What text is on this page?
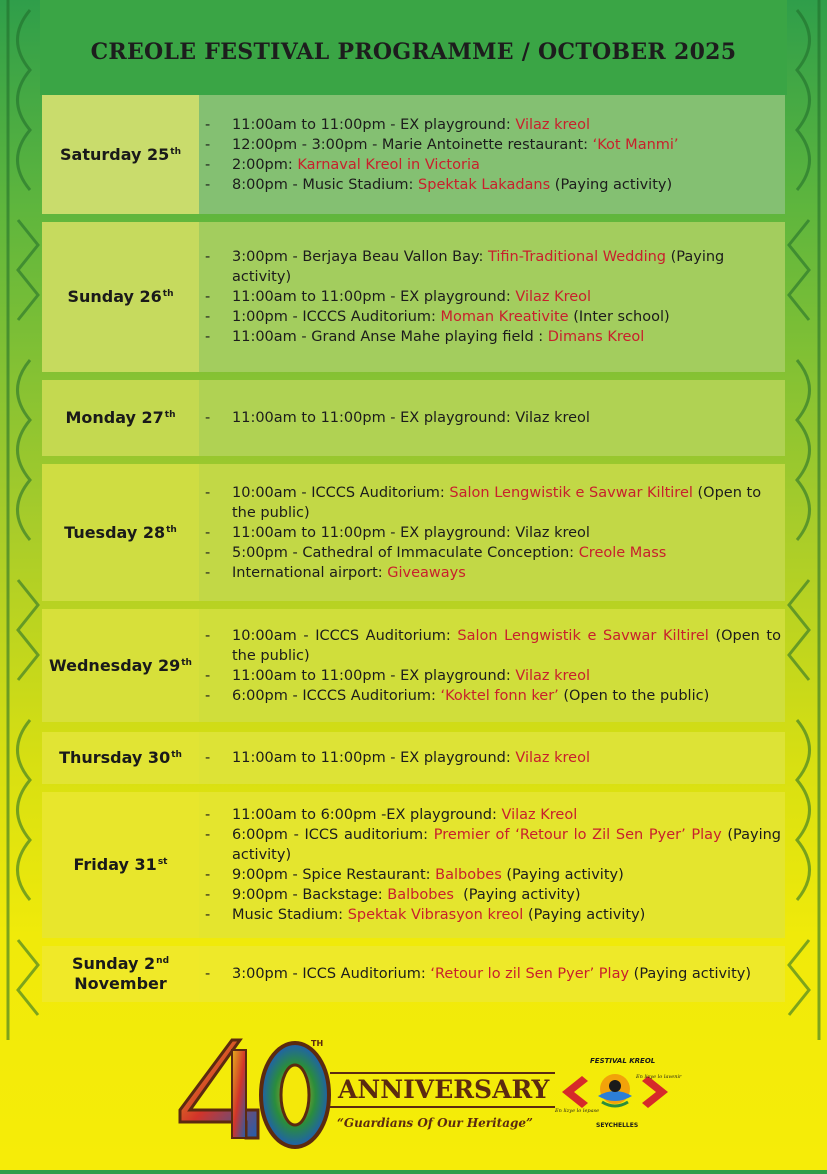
CREOLE FESTIVAL PROGRAMME / OCTOBER 2025
Saturday 25th
-	11:00am to 11:00pm - EX playground: Vilaz kreol
-	12:00pm - 3:00pm - Marie Antoinette restaurant: ‘Kot Manmi’
-	2:00pm: Karnaval Kreol in Victoria
-	8:00pm - Music Stadium: Spektak Lakadans (Paying activity)
Sunday 26th
-	3:00pm - Berjaya Beau Vallon Bay: Tifin-Traditional Wedding (Paying activity)
-	11:00am to 11:00pm - EX playground: Vilaz Kreol
-	1:00pm - ICCCS Auditorium: Moman Kreativite (Inter school)
-	11:00am - Grand Anse Mahe playing field : Dimans Kreol
Monday 27th -	11:00am to 11:00pm - EX playground: Vilaz kreol
Tuesday 28th
-	10:00am - ICCCS Auditorium: Salon Lengwistik e Savwar Kiltirel (Open to the public)
-	11:00am to 11:00pm - EX playground: Vilaz kreol
-	5:00pm - Cathedral of Immaculate Conception: Creole Mass
-	International airport: Giveaways
Wednesday 29th
-	10:00am - ICCCS Auditorium: Salon Lengwistik e Savwar Kiltirel (Open to the public)
-	11:00am to 11:00pm - EX playground: Vilaz kreol
-	6:00pm - ICCCS Auditorium: ‘Koktel fonn ker’ (Open to the public)
Thursday 30th -	11:00am to 11:00pm - EX playground: Vilaz kreol
Friday 31st
-	11:00am to 6:00pm -EX playground: Vilaz Kreol
-	6:00pm - ICCS auditorium: Premier of ‘Retour lo Zil Sen Pyer’ Play (Paying activity)
-	9:00pm - Spice Restaurant: Balbobes (Paying activity)
-	9:00pm - Backstage: Balbobes  (Paying activity)
-	Music Stadium: Spektak Vibrasyon kreol (Paying activity)
Sunday 2nd
November	-	3:00pm - ICCS Auditorium: ‘Retour lo zil Sen Pyer’ Play (Paying activity)
TH
ANNIVERSARY
“Guardians Of Our Heritage”
FESTIVAL KREOL
SEYCHELLES
En lizye lo lepase
En lizye lo lavenir
